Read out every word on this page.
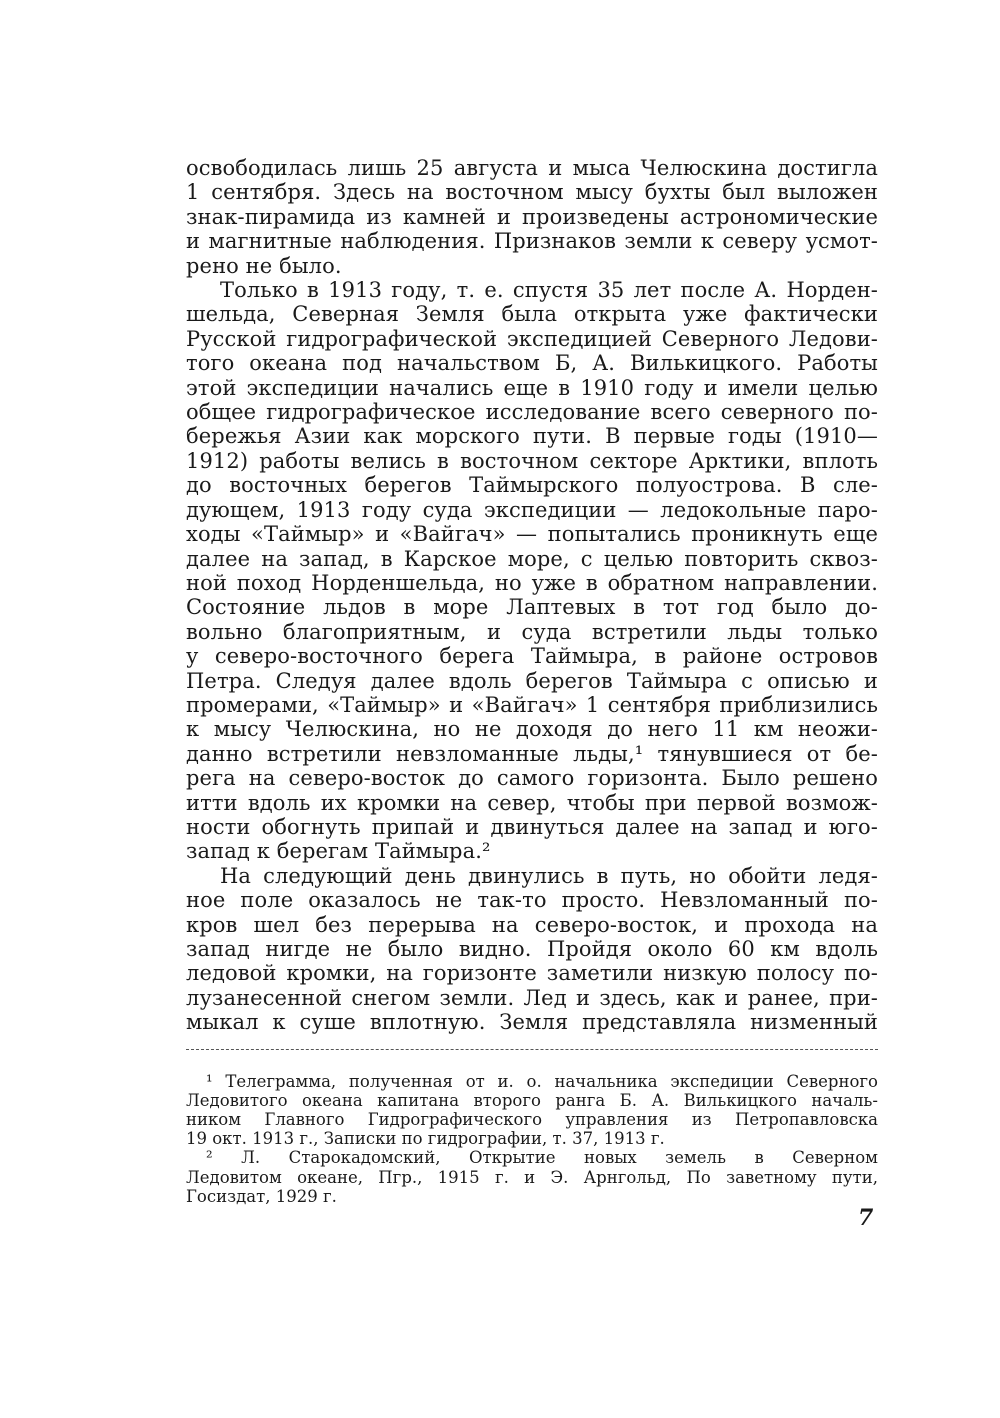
освободилась лишь 25 августа и мыса Челюскина достигла
1 сентября. Здесь на восточном мысу бухты был выложен
знак-пирамида из камней и произведены астрономические
и магнитные наблюдения. Признаков земли к северу усмот-
рено не было.
Только в 1913 году, т. е. спустя 35 лет после А. Норден-
шельда, Северная Земля была открыта уже фактически
Русской гидрографической экспедицией Северного Ледови-
того океана под начальством Б, А. Вилькицкого. Работы
этой экспедиции начались еще в 1910 году и имели целью
общее гидрографическое исследование всего северного по-
бережья Азии как морского пути. В первые годы (1910—
1912) работы велись в восточном секторе Арктики, вплоть
до восточных берегов Таймырского полуострова. В сле-
дующем, 1913 году суда экспедиции — ледокольные паро-
ходы «Таймыр» и «Вайгач» — попытались проникнуть еще
далее на запад, в Карское море, с целью повторить сквоз-
ной поход Норденшельда, но уже в обратном направлении.
Состояние льдов в море Лаптевых в тот год было до-
вольно благоприятным, и суда встретили льды только
у северо-восточного берега Таймыра, в районе островов
Петра. Следуя далее вдоль берегов Таймыра с описью и
промерами, «Таймыр» и «Вайгач» 1 сентября приблизились
к мысу Челюскина, но не доходя до него 11 км неожи-
данно встретили невзломанные льды,¹ тянувшиеся от бе-
рега на северо-восток до самого горизонта. Было решено
итти вдоль их кромки на север, чтобы при первой возмож-
ности обогнуть припай и двинуться далее на запад и юго-
запад к берегам Таймыра.²
На следующий день двинулись в путь, но обойти ледя-
ное поле оказалось не так-то просто. Невзломанный по-
кров шел без перерыва на северо-восток, и прохода на
запад нигде не было видно. Пройдя около 60 км вдоль
ледовой кромки, на горизонте заметили низкую полосу по-
лузанесенной снегом земли. Лед и здесь, как и ранее, при-
мыкал к суше вплотную. Земля представляла низменный
¹ Телеграмма, полученная от и. о. начальника экспедиции Северного
Ледовитого океана капитана второго ранга Б. А. Вилькицкого началь-
ником Главного Гидрографического управления из Петропавловска
19 окт. 1913 г., Записки по гидрографии, т. 37, 1913 г.
² Л. Старокадомский, Открытие новых земель в Северном
Ледовитом океане, Пгр., 1915 г. и Э. Арнгольд, По заветному пути,
Госиздат, 1929 г.
7
